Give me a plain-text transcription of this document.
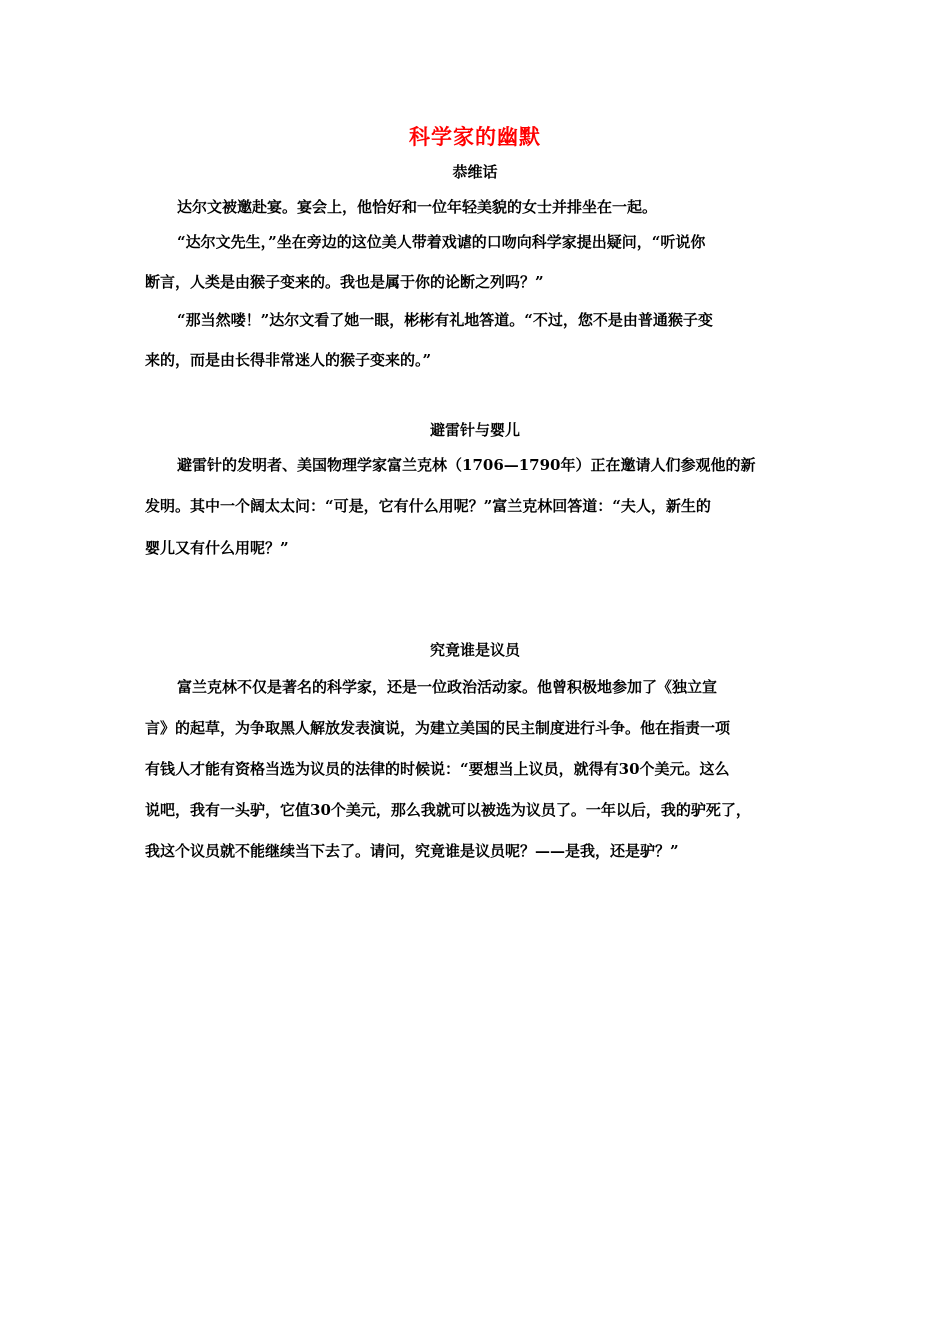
科学家的幽默
恭维话
达尔文被邀赴宴。宴会上，他恰好和一位年轻美貌的女士并排坐在一起。
“达尔文先生，”坐在旁边的这位美人带着戏谑的口吻向科学家提出疑问，“听说你
断言，人类是由猴子变来的。我也是属于你的论断之列吗？”
“那当然喽！”达尔文看了她一眼，彬彬有礼地答道。“不过，您不是由普通猴子变
来的，而是由长得非常迷人的猴子变来的。”
避雷针与婴儿
避雷针的发明者、美国物理学家富兰克林（1706—1790年）正在邀请人们参观他的新
发明。其中一个阔太太问：“可是，它有什么用呢？”富兰克林回答道：“夫人，新生的
婴儿又有什么用呢？”
究竟谁是议员
富兰克林不仅是著名的科学家，还是一位政治活动家。他曾积极地参加了《独立宣
言》的起草，为争取黑人解放发表演说，为建立美国的民主制度进行斗争。他在指责一项
有钱人才能有资格当选为议员的法律的时候说：“要想当上议员，就得有30个美元。这么
说吧，我有一头驴，它值30个美元，那么我就可以被选为议员了。一年以后，我的驴死了，
我这个议员就不能继续当下去了。请问，究竟谁是议员呢？——是我，还是驴？”
